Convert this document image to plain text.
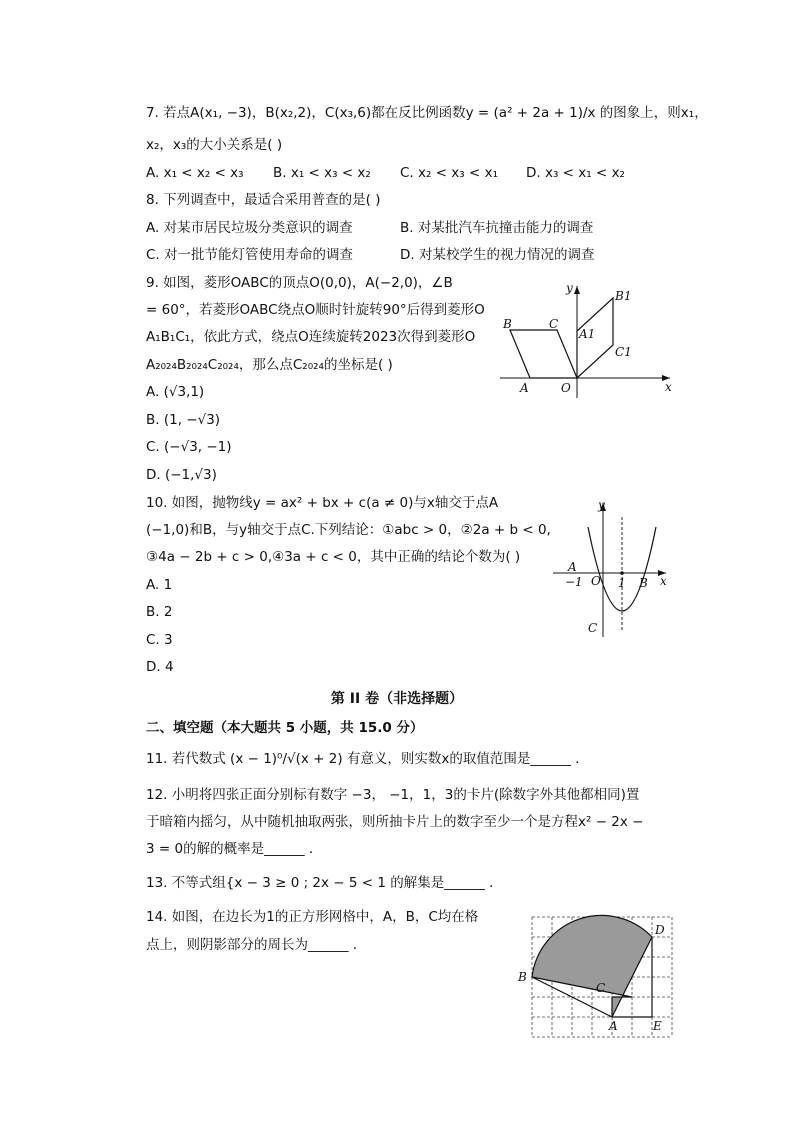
7. 若点A(x₁, −3)，B(x₂,2)，C(x₃,6)都在反比例函数y = (a² + 2a + 1)/x 的图象上，则x₁，
x₂，x₃的大小关系是( )
A. x₁ < x₂ < x₃ B. x₁ < x₃ < x₂ C. x₂ < x₃ < x₁ D. x₃ < x₁ < x₂
8. 下列调查中，最适合采用普查的是( )
A. 对某市居民垃圾分类意识的调查	B. 对某批汽车抗撞击能力的调查
C. 对一批节能灯管使用寿命的调查	D. 对某校学生的视力情况的调查
9. 如图，菱形OABC的顶点O(0,0)，A(−2,0)，∠B
= 60°，若菱形OABC绕点O顺时针旋转90°后得到菱形O
A₁B₁C₁，依此方式，绕点O连续旋转2023次得到菱形O
A₂₀₂₄B₂₀₂₄C₂₀₂₄，那么点C₂₀₂₄的坐标是( )
A. (√3,1)
B. (1, −√3)
C. (−√3, −1)
D. (−1,√3)
y
x
O
A
B	C
A1
B1
C1
10. 如图，抛物线y = ax² + bx + c(a ≠ 0)与x轴交于点A
(−1,0)和B，与y轴交于点C.下列结论：①abc > 0，②2a + b < 0,
③4a − 2b + c > 0,④3a + c < 0，其中正确的结论个数为( )
A. 1
B. 2
C. 3
D. 4
y
x
O
A
−1	1 B
C
第 II 卷（非选择题）
二、填空题（本大题共 5 小题，共 15.0 分）
11. 若代数式 (x − 1)⁰/√(x + 2) 有意义，则实数x的取值范围是______ ．
12. 小明将四张正面分别标有数字 −3， −1，1，3的卡片(除数字外其他都相同)置
于暗箱内摇匀，从中随机抽取两张，则所抽卡片上的数字至少一个是方程x² − 2x −
3 = 0的解的概率是______ ．
13. 不等式组{x − 3 ≥ 0 ; 2x − 5 < 1 的解集是______ ．
14. 如图，在边长为1的正方形网格中，A，B，C均在格
点上，则阴影部分的周长为______ ．
B
D
C
A	E
